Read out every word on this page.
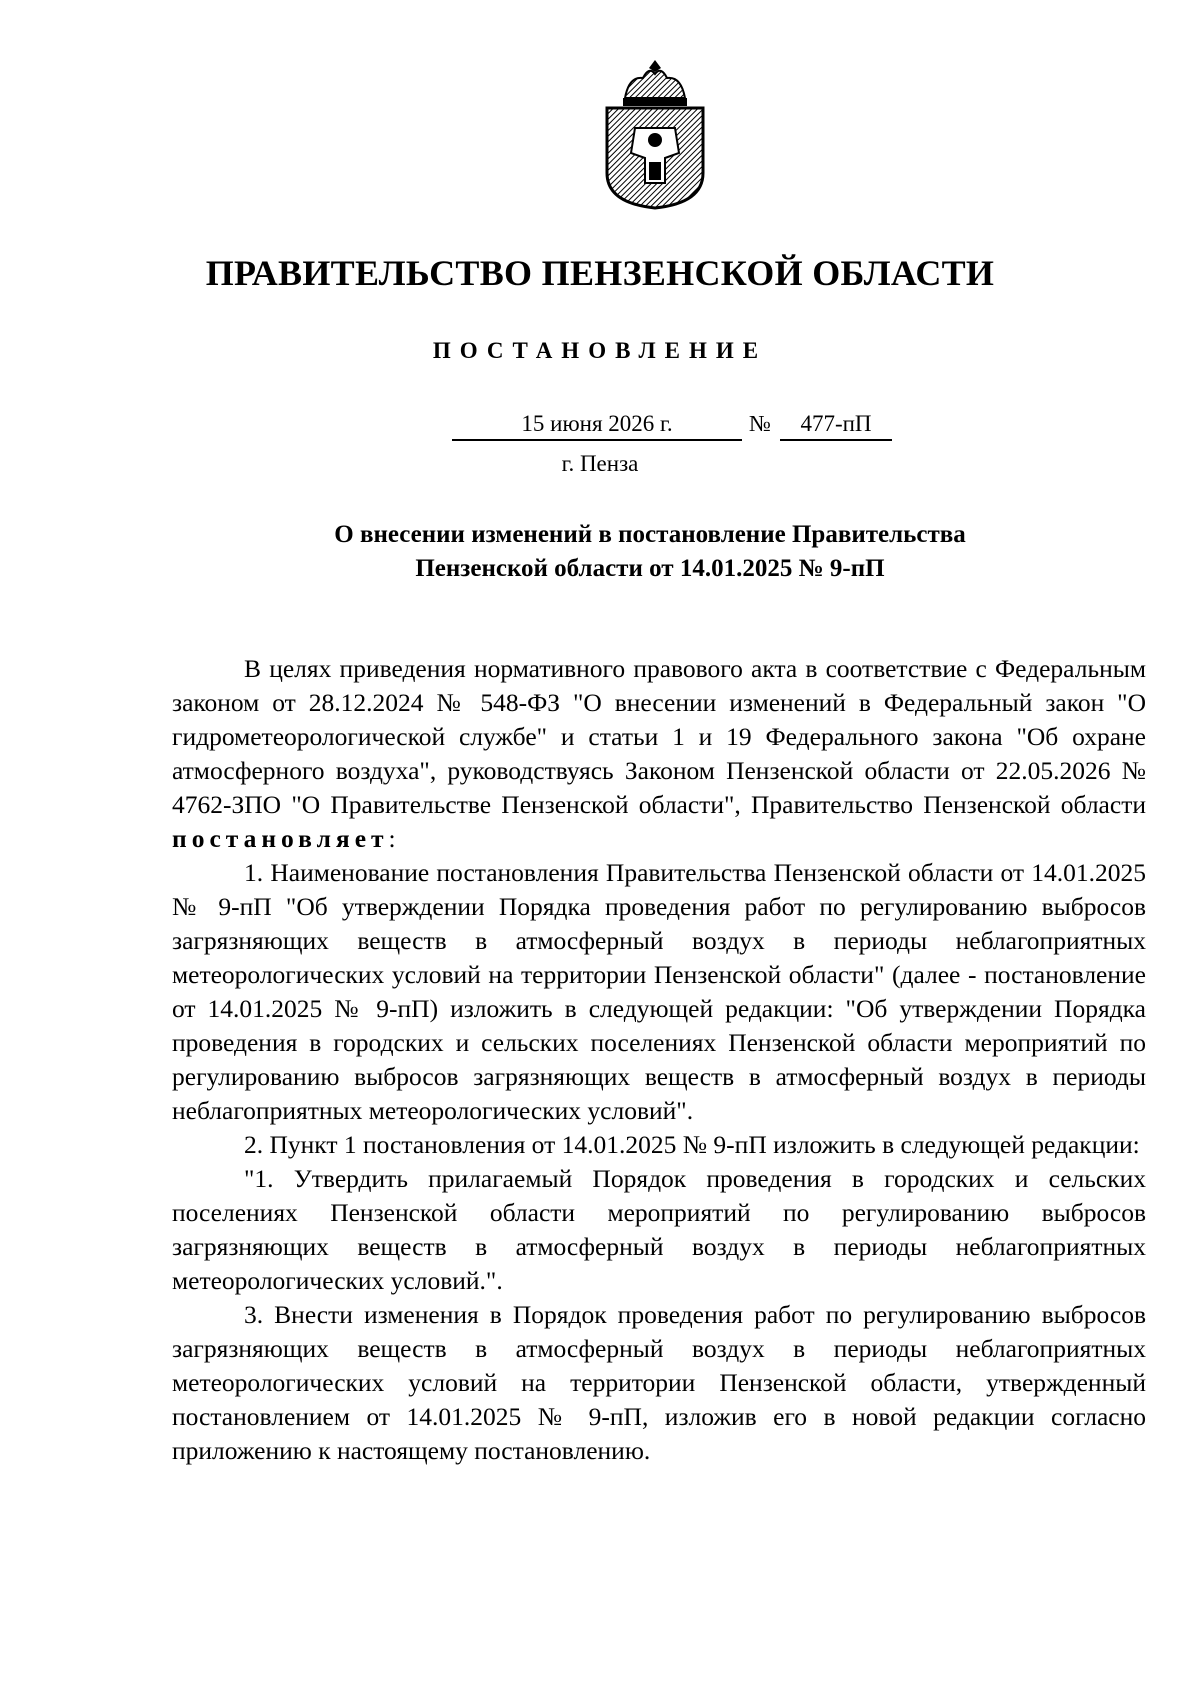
ПРАВИТЕЛЬСТВО ПЕНЗЕНСКОЙ ОБЛАСТИ
ПОСТАНОВЛЕНИЕ
15 июня 2026 г.	№	477-пП
г. Пенза
О внесении изменений в постановление Правительства
Пензенской области от 14.01.2025 № 9-пП

В целях приведения нормативного правового акта в соответствие с Федеральным законом от 28.12.2024 № 548-ФЗ "О внесении изменений в Федеральный закон "О гидрометеорологической службе" и статьи 1 и 19 Федерального закона "Об охране атмосферного воздуха", руководствуясь Законом Пензенской области от 22.05.2026 № 4762-ЗПО "О Правительстве Пензенской области", Правительство Пензенской области постановляет:

1. Наименование постановления Правительства Пензенской области от 14.01.2025 № 9-пП "Об утверждении Порядка проведения работ по регулированию выбросов загрязняющих веществ в атмосферный воздух в периоды неблагоприятных метеорологических условий на территории Пензенской области" (далее - постановление от 14.01.2025 № 9-пП) изложить в следующей редакции: "Об утверждении Порядка проведения в городских и сельских поселениях Пензенской области мероприятий по регулированию выбросов загрязняющих веществ в атмосферный воздух в периоды неблагоприятных метеорологических условий".

2. Пункт 1 постановления от 14.01.2025 № 9-пП изложить в следующей редакции:

"1. Утвердить прилагаемый Порядок проведения в городских и сельских поселениях Пензенской области мероприятий по регулированию выбросов загрязняющих веществ в атмосферный воздух в периоды неблагоприятных метеорологических условий.".

3. Внести изменения в Порядок проведения работ по регулированию выбросов загрязняющих веществ в атмосферный воздух в периоды неблагоприятных метеорологических условий на территории Пензенской области, утвержденный постановлением от 14.01.2025 № 9-пП, изложив его в новой редакции согласно приложению к настоящему постановлению.
